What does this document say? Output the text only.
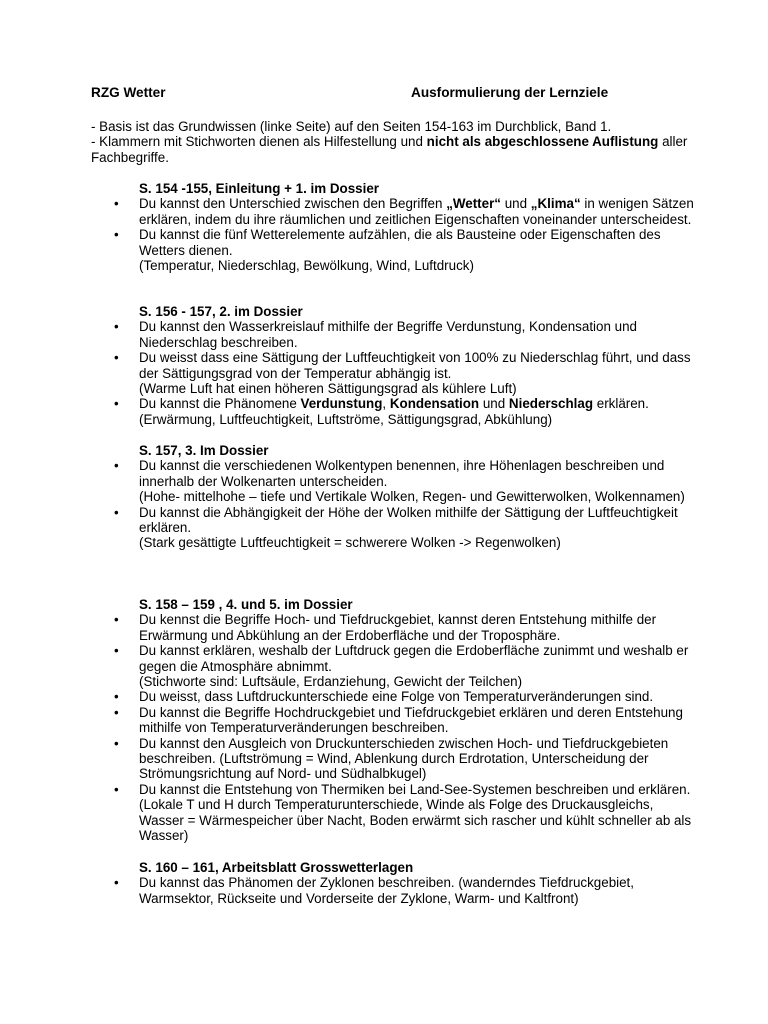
RZG Wetter	Ausformulierung der Lernziele

- Basis ist das Grundwissen (linke Seite) auf den Seiten 154-163 im Durchblick, Band 1.

- Klammern mit Stichworten dienen als Hilfestellung und nicht als abgeschlossene Auflistung aller Fachbegriffe.

S. 154 -155, Einleitung + 1. im Dossier
• Du kannst den Unterschied zwischen den Begriffen „Wetter“ und „Klima“ in wenigen Sätzen erklären, indem du ihre räumlichen und zeitlichen Eigenschaften voneinander unterscheidest.
• Du kannst die fünf Wetterelemente aufzählen, die als Bausteine oder Eigenschaften des Wetters dienen.
(Temperatur, Niederschlag, Bewölkung, Wind, Luftdruck)
S. 156 - 157, 2. im Dossier
• Du kannst den Wasserkreislauf mithilfe der Begriffe Verdunstung, Kondensation und Niederschlag beschreiben.
• Du weisst dass eine Sättigung der Luftfeuchtigkeit von 100% zu Niederschlag führt, und dass der Sättigungsgrad von der Temperatur abhängig ist.
(Warme Luft hat einen höheren Sättigungsgrad als kühlere Luft)
• Du kannst die Phänomene Verdunstung, Kondensation und Niederschlag erklären.
(Erwärmung, Luftfeuchtigkeit, Luftströme, Sättigungsgrad, Abkühlung)
S. 157, 3. Im Dossier
• Du kannst die verschiedenen Wolkentypen benennen, ihre Höhenlagen beschreiben und innerhalb der Wolkenarten unterscheiden.
(Hohe- mittelhohe – tiefe und Vertikale Wolken, Regen- und Gewitterwolken, Wolkennamen)
• Du kannst die Abhängigkeit der Höhe der Wolken mithilfe der Sättigung der Luftfeuchtigkeit erklären.
(Stark gesättigte Luftfeuchtigkeit = schwerere Wolken -> Regenwolken)
S. 158 – 159 , 4. und 5. im Dossier
• Du kennst die Begriffe Hoch- und Tiefdruckgebiet, kannst deren Entstehung mithilfe der Erwärmung und Abkühlung an der Erdoberfläche und der Troposphäre.
• Du kannst erklären, weshalb der Luftdruck gegen die Erdoberfläche zunimmt und weshalb er gegen die Atmosphäre abnimmt.
(Stichworte sind: Luftsäule, Erdanziehung, Gewicht der Teilchen)
• Du weisst, dass Luftdruckunterschiede eine Folge von Temperaturveränderungen sind.
• Du kannst die Begriffe Hochdruckgebiet und Tiefdruckgebiet erklären und deren Entstehung mithilfe von Temperaturveränderungen beschreiben.
• Du kannst den Ausgleich von Druckunterschieden zwischen Hoch- und Tiefdruckgebieten beschreiben. (Luftströmung = Wind, Ablenkung durch Erdrotation, Unterscheidung der Strömungsrichtung auf Nord- und Südhalbkugel)
• Du kannst die Entstehung von Thermiken bei Land-See-Systemen beschreiben und erklären.
(Lokale T und H durch Temperaturunterschiede, Winde als Folge des Druckausgleichs, Wasser = Wärmespeicher über Nacht, Boden erwärmt sich rascher und kühlt schneller ab als Wasser)
S. 160 – 161, Arbeitsblatt Grosswetterlagen
• Du kannst das Phänomen der Zyklonen beschreiben. (wanderndes Tiefdruckgebiet, Warmsektor, Rückseite und Vorderseite der Zyklone, Warm- und Kaltfront)
